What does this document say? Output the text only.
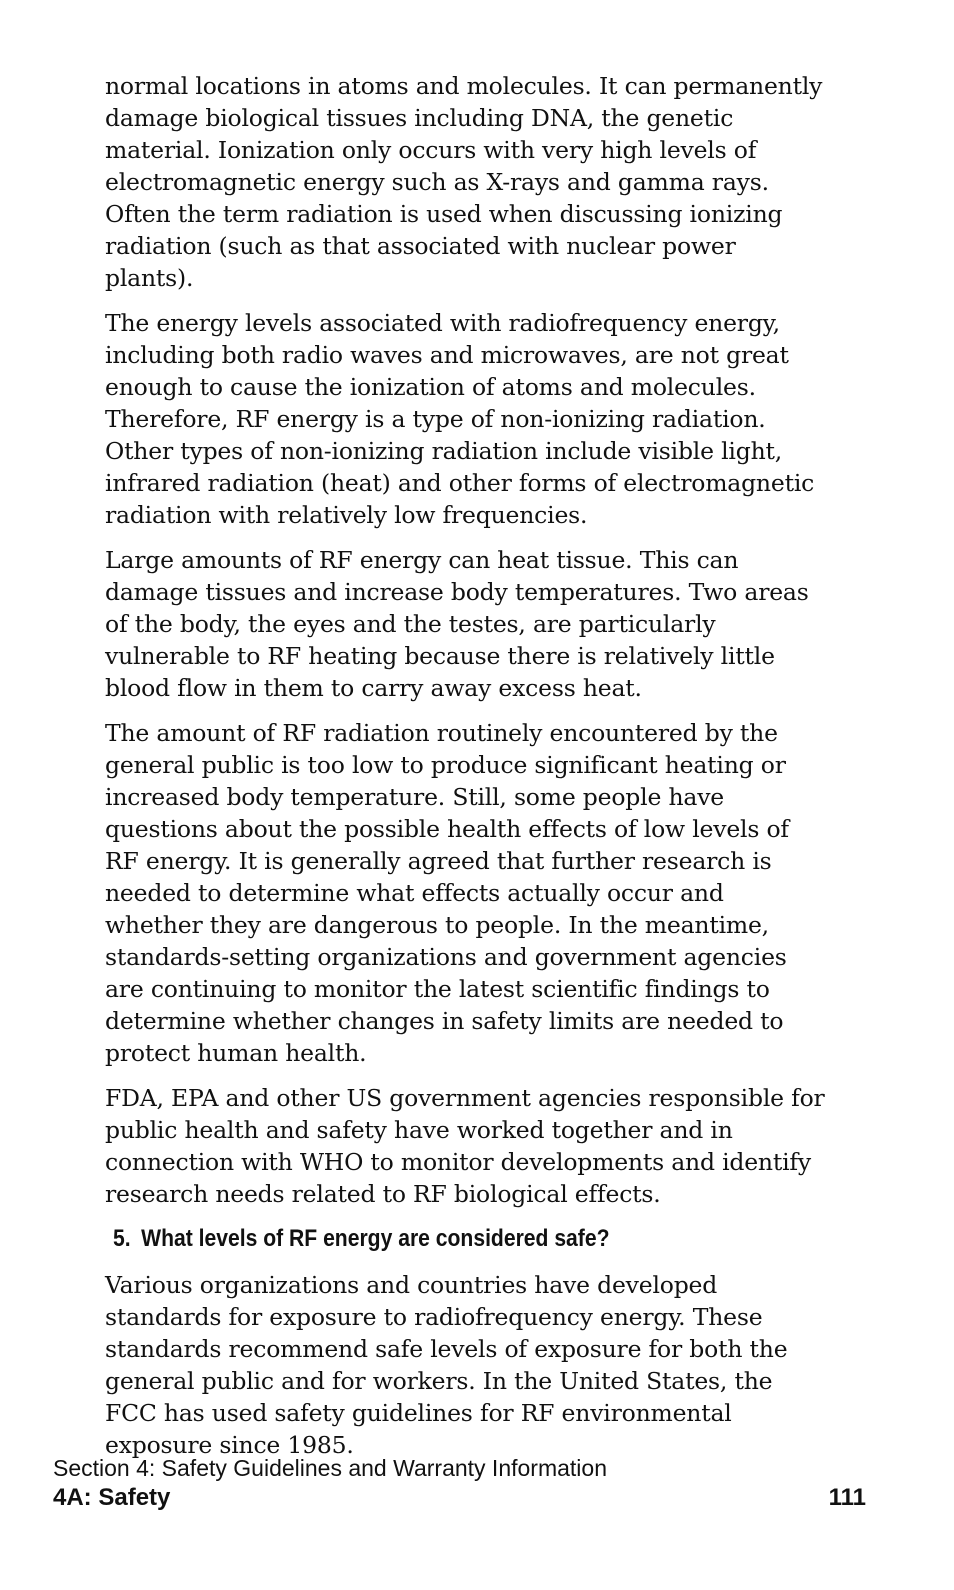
normal locations in atoms and molecules. It can permanently damage biological tissues including DNA, the genetic material. Ionization only occurs with very high levels of electromagnetic energy such as X-rays and gamma rays. Often the term radiation is used when discussing ionizing radiation (such as that associated with nuclear power plants).

The energy levels associated with radiofrequency energy, including both radio waves and microwaves, are not great enough to cause the ionization of atoms and molecules. Therefore, RF energy is a type of non-ionizing radiation. Other types of non-ionizing radiation include visible light, infrared radiation (heat) and other forms of electromagnetic radiation with relatively low frequencies.

Large amounts of RF energy can heat tissue. This can damage tissues and increase body temperatures. Two areas of the body, the eyes and the testes, are particularly vulnerable to RF heating because there is relatively little blood flow in them to carry away excess heat.

The amount of RF radiation routinely encountered by the general public is too low to produce significant heating or increased body temperature. Still, some people have questions about the possible health effects of low levels of RF energy. It is generally agreed that further research is needed to determine what effects actually occur and whether they are dangerous to people. In the meantime, standards-setting organizations and government agencies are continuing to monitor the latest scientific findings to determine whether changes in safety limits are needed to protect human health.

FDA, EPA and other US government agencies responsible for public health and safety have worked together and in connection with WHO to monitor developments and identify research needs related to RF biological effects.

5. What levels of RF energy are considered safe?

Various organizations and countries have developed standards for exposure to radiofrequency energy. These standards recommend safe levels of exposure for both the general public and for workers. In the United States, the FCC has used safety guidelines for RF environmental exposure since 1985.

Section 4: Safety Guidelines and Warranty Information
4A: Safety	111
